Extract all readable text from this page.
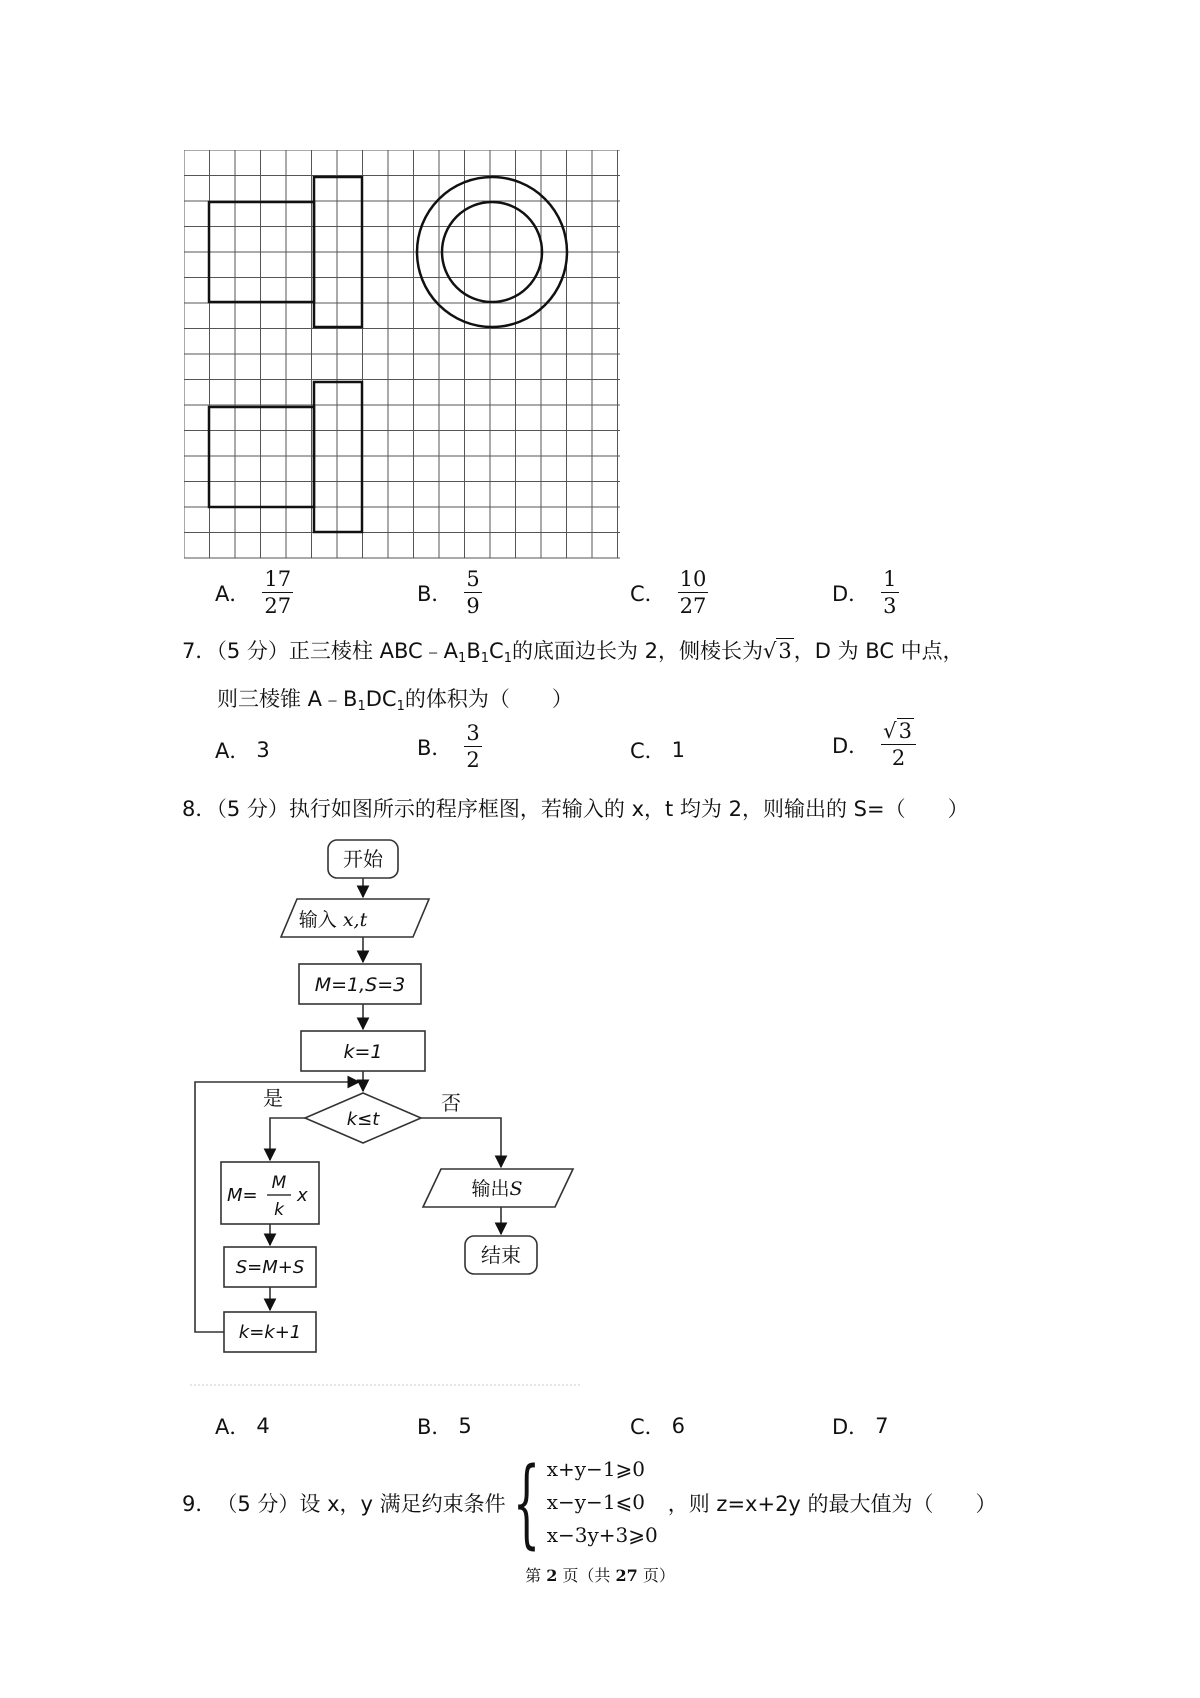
A． $\frac{17}{27}$	B． $\frac{5}{9}$	C． $\frac{10}{27}$	D． $\frac{1}{3}$
7．（5 分）正三棱柱 $ABC﹣A_1B_1C_1$的底面边长为 2，侧棱长为√3，D 为 BC 中点，
则三棱锥 $A﹣B_1DC_1$的体积为（　　）
A． 3	B． $\frac{3}{2}$	C． 1	D． $\frac{√3}{2}$
8．（5 分）执行如图所示的程序框图，若输入的 x，t 均为 2，则输出的 S=（　　）
开始
输入 x,t
M=1,S=3
k=1
k≤t
是	否
M=
M
k
x
S=M+S
k=k+1
输出S
结束
A． 4	B． 5	C． 6	D． 7
9． （5 分） 设 x，y 满足约束条件 { x+y−1⩾0
x−y−1⩽0
x−3y+3⩾0
，则 z=x+2y 的最大值为（　　）
第 2 页（共 27 页）
